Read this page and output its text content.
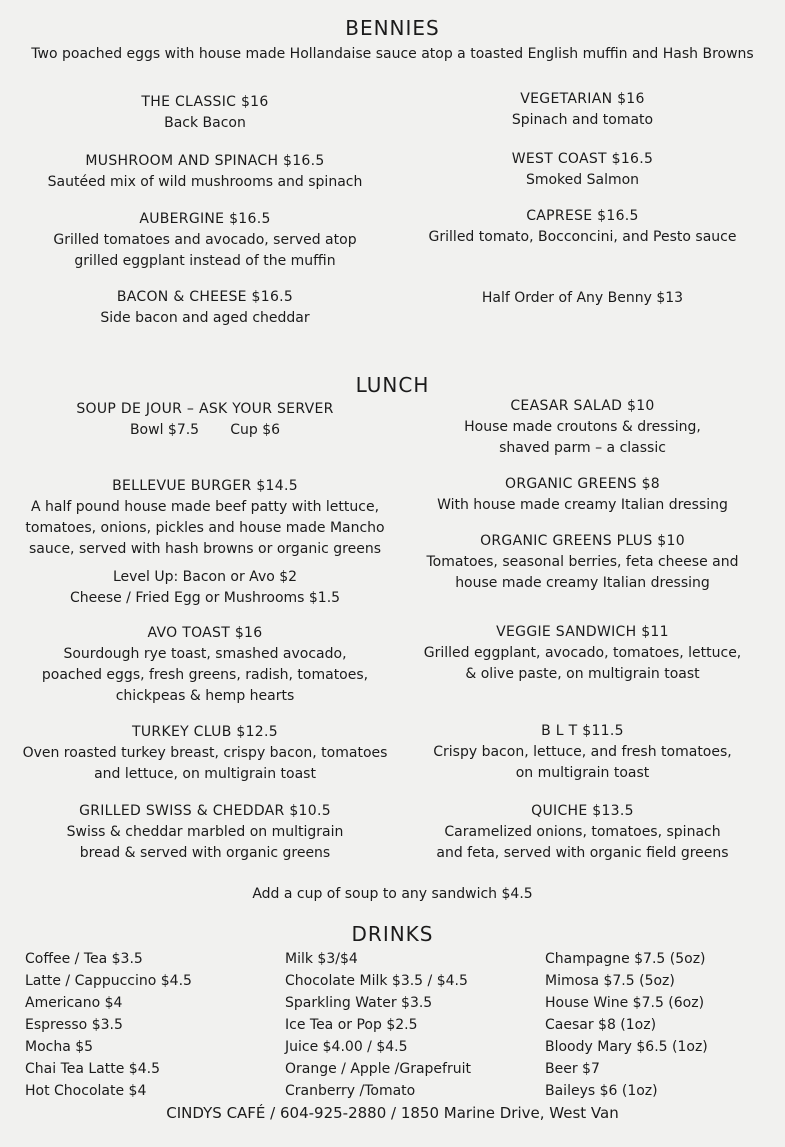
BENNIES
Two poached eggs with house made Hollandaise sauce atop a toasted English muffin and Hash Browns
THE CLASSIC $16
Back Bacon
MUSHROOM AND SPINACH $16.5
Sautéed mix of wild mushrooms and spinach
AUBERGINE $16.5
Grilled tomatoes and avocado, served atop
grilled eggplant instead of the muffin
BACON & CHEESE $16.5
Side bacon and aged cheddar
VEGETARIAN $16
Spinach and tomato
WEST COAST $16.5
Smoked Salmon
CAPRESE $16.5
Grilled tomato, Bocconcini, and Pesto sauce
Half Order of Any Benny $13
LUNCH
SOUP DE JOUR – ASK YOUR SERVER
Bowl $7.5       Cup $6
BELLEVUE BURGER $14.5
A half pound house made beef patty with lettuce,
tomatoes, onions, pickles and house made Mancho
sauce, served with hash browns or organic greens
Level Up: Bacon or Avo $2
Cheese / Fried Egg or Mushrooms $1.5
AVO TOAST $16
Sourdough rye toast, smashed avocado,
poached eggs, fresh greens, radish, tomatoes,
chickpeas & hemp hearts
TURKEY CLUB $12.5
Oven roasted turkey breast, crispy bacon, tomatoes
and lettuce, on multigrain toast
GRILLED SWISS & CHEDDAR $10.5
Swiss & cheddar marbled on multigrain
bread & served with organic greens
CEASAR SALAD $10
House made croutons & dressing,
shaved parm – a classic
ORGANIC GREENS $8
With house made creamy Italian dressing
ORGANIC GREENS PLUS $10
Tomatoes, seasonal berries, feta cheese and
house made creamy Italian dressing
VEGGIE SANDWICH $11
Grilled eggplant, avocado, tomatoes, lettuce,
& olive paste, on multigrain toast
B L T $11.5
Crispy bacon, lettuce, and fresh tomatoes,
on multigrain toast
QUICHE $13.5
Caramelized onions, tomatoes, spinach
and feta, served with organic field greens
Add a cup of soup to any sandwich $4.5
DRINKS
Coffee / Tea $3.5
Latte / Cappuccino $4.5
Americano $4
Espresso $3.5
Mocha $5
Chai Tea Latte $4.5
Hot Chocolate $4
Milk $3/$4
Chocolate Milk $3.5 / $4.5
Sparkling Water $3.5
Ice Tea or Pop $2.5
Juice $4.00 / $4.5
Orange / Apple /Grapefruit
Cranberry /Tomato
Champagne $7.5 (5oz)
Mimosa $7.5 (5oz)
House Wine $7.5 (6oz)
Caesar $8 (1oz)
Bloody Mary $6.5 (1oz)
Beer $7
Baileys $6 (1oz)
CINDYS CAFÉ / 604-925-2880 / 1850 Marine Drive, West Van
